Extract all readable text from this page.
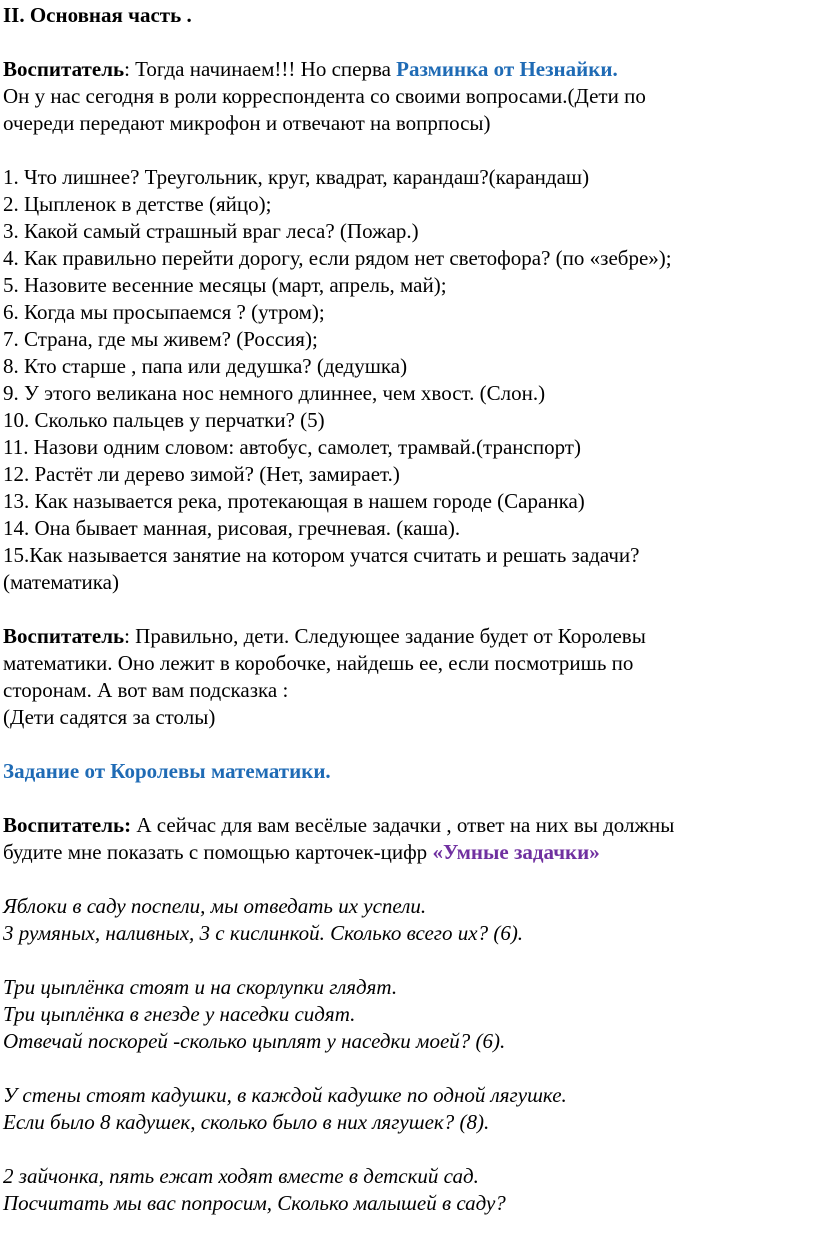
II. Основная часть .

Воспитатель: Тогда начинаем!!! Но сперва Разминка от Незнайки.

Он у нас сегодня в роли корреспондента со своими вопросами.(Дети по

очереди передают микрофон и отвечают на вопрпосы)

1. Что лишнее? Треугольник, круг, квадрат, карандаш?(карандаш)

2. Цыпленок в детстве (яйцо);

3. Какой самый страшный враг леса? (Пожар.)

4. Как правильно перейти дорогу, если рядом нет светофора? (по «зебре»);

5. Назовите весенние месяцы (март, апрель, май);

6. Когда мы просыпаемся ? (утром);

7. Страна, где мы живем? (Россия);

8. Кто старше , папа или дедушка? (дедушка)

9. У этого великана нос немного длиннее, чем хвост. (Слон.)

10. Сколько пальцев у перчатки? (5)

11. Назови одним словом: автобус, самолет, трамвай.(транспорт)

12. Растёт ли дерево зимой? (Нет, замирает.)

13. Как называется река, протекающая в нашем городе (Саранка)

14. Она бывает манная, рисовая, гречневая. (каша).

15.Как называется занятие на котором учатся считать и решать задачи?

(математика)

Воспитатель: Правильно, дети. Следующее задание будет от Королевы

математики. Оно лежит в коробочке, найдешь ее, если посмотришь по

сторонам. А вот вам подсказка :

(Дети садятся за столы)

Задание от Королевы математики.

Воспитатель: А сейчас для вам весёлые задачки , ответ на них вы должны

будите мне показать с помощью карточек-цифр «Умные задачки»

Яблоки в саду поспели, мы отведать их успели.

3 румяных, наливных, 3 с кислинкой. Сколько всего их? (6).

Три цыплёнка стоят и на скорлупки глядят.

Три цыплёнка в гнезде у наседки сидят.

Отвечай поскорей -сколько цыплят у наседки моей? (6).

У стены стоят кадушки, в каждой кадушке по одной лягушке.

Если было 8 кадушек, сколько было в них лягушек? (8).

2 зайчонка, пять ежат ходят вместе в детский сад.

Посчитать мы вас попросим, Сколько малышей в саду?
